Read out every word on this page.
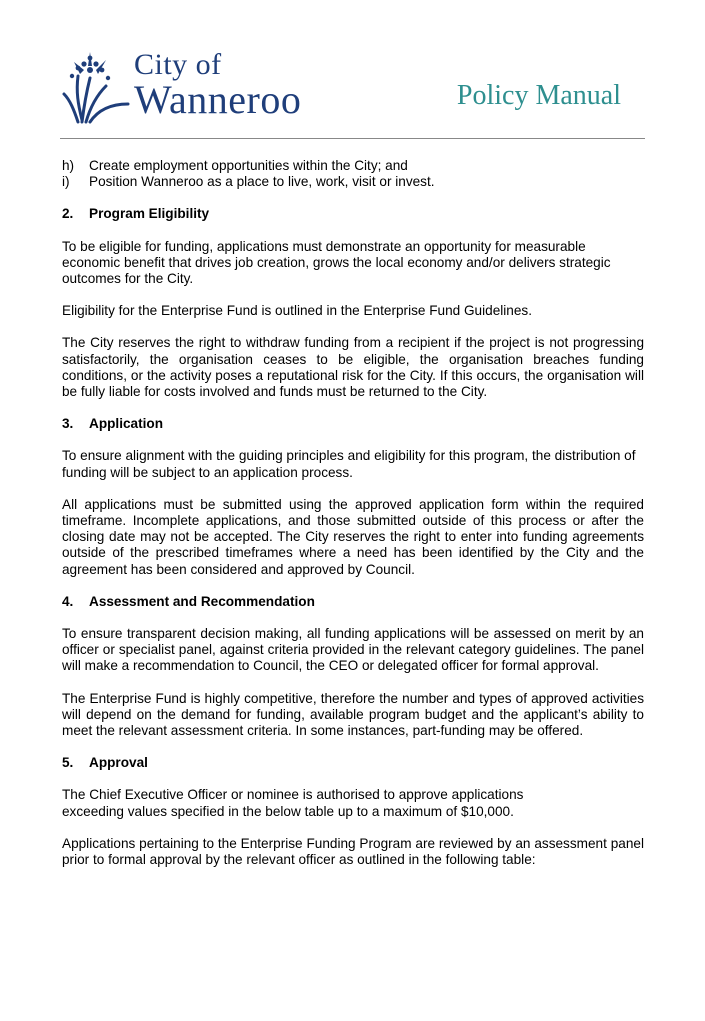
City of
Wanneroo	Policy Manual
h)	Create employment opportunities within the City; and
i)	Position Wanneroo as a place to live, work, visit or invest.
2.	Program Eligibility

To be eligible for funding, applications must demonstrate an opportunity for measurable economic benefit that drives job creation, grows the local economy and/or delivers strategic outcomes for the City.

Eligibility for the Enterprise Fund is outlined in the Enterprise Fund Guidelines.

The City reserves the right to withdraw funding from a recipient if the project is not progressing satisfactorily, the organisation ceases to be eligible, the organisation breaches funding conditions, or the activity poses a reputational risk for the City. If this occurs, the organisation will be fully liable for costs involved and funds must be returned to the City.

3.	Application

To ensure alignment with the guiding principles and eligibility for this program, the distribution of funding will be subject to an application process.

All applications must be submitted using the approved application form within the required timeframe. Incomplete applications, and those submitted outside of this process or after the closing date may not be accepted. The City reserves the right to enter into funding agreements outside of the prescribed timeframes where a need has been identified by the City and the agreement has been considered and approved by Council.

4.	Assessment and Recommendation

To ensure transparent decision making, all funding applications will be assessed on merit by an officer or specialist panel, against criteria provided in the relevant category guidelines. The panel will make a recommendation to Council, the CEO or delegated officer for formal approval.

The Enterprise Fund is highly competitive, therefore the number and types of approved activities will depend on the demand for funding, available program budget and the applicant’s ability to meet the relevant assessment criteria. In some instances, part-funding may be offered.

5.	Approval

The Chief Executive Officer or nominee is authorised to approve applications exceeding values specified in the below table up to a maximum of $10,000.

Applications pertaining to the Enterprise Funding Program are reviewed by an assessment panel prior to formal approval by the relevant officer as outlined in the following table:
